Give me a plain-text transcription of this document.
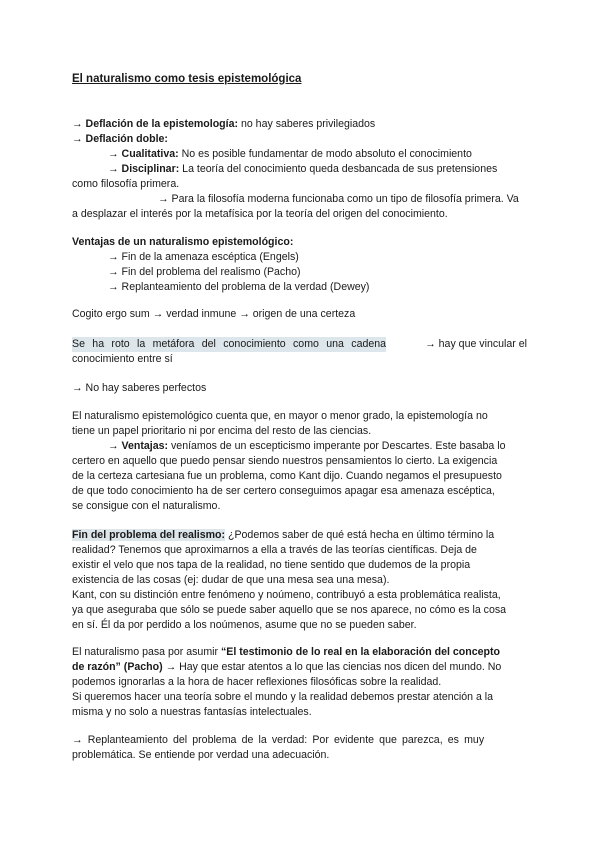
El naturalismo como tesis epistemológica
→ Deflación de la epistemología: no hay saberes privilegiados
→ Deflación doble:
→ Cualitativa: No es posible fundamentar de modo absoluto el conocimiento
→ Disciplinar: La teoría del conocimiento queda desbancada de sus pretensiones
como filosofía primera.
→ Para la filosofía moderna funcionaba como un tipo de filosofía primera. Va
a desplazar el interés por la metafísica por la teoría del origen del conocimiento.
Ventajas de un naturalismo epistemológico:
→ Fin de la amenaza escéptica (Engels)
→ Fin del problema del realismo (Pacho)
→ Replanteamiento del problema de la verdad (Dewey)
Cogito ergo sum → verdad inmune → origen de una certeza
Se ha roto la metáfora del conocimiento como una cadena	→ hay que vincular el
conocimiento entre sí
→ No hay saberes perfectos
El naturalismo epistemológico cuenta que, en mayor o menor grado, la epistemología no
tiene un papel prioritario ni por encima del resto de las ciencias.
→ Ventajas: veníamos de un escepticismo imperante por Descartes. Este basaba lo
certero en aquello que puedo pensar siendo nuestros pensamientos lo cierto. La exigencia
de la certeza cartesiana fue un problema, como Kant dijo. Cuando negamos el presupuesto
de que todo conocimiento ha de ser certero conseguimos apagar esa amenaza escéptica,
se consigue con el naturalismo.
Fin del problema del realismo: ¿Podemos saber de qué está hecha en último término la
realidad? Tenemos que aproximarnos a ella a través de las teorías científicas. Deja de
existir el velo que nos tapa de la realidad, no tiene sentido que dudemos de la propia
existencia de las cosas (ej: dudar de que una mesa sea una mesa).
Kant, con su distinción entre fenómeno y noúmeno, contribuyó a esta problemática realista,
ya que aseguraba que sólo se puede saber aquello que se nos aparece, no cómo es la cosa
en sí. Él da por perdido a los noúmenos, asume que no se pueden saber.
El naturalismo pasa por asumir “El testimonio de lo real en la elaboración del concepto
de razón” (Pacho) → Hay que estar atentos a lo que las ciencias nos dicen del mundo. No
podemos ignorarlas a la hora de hacer reflexiones filosóficas sobre la realidad.
Si queremos hacer una teoría sobre el mundo y la realidad debemos prestar atención a la
misma y no solo a nuestras fantasías intelectuales.
→ Replanteamiento del problema de la verdad: Por evidente que parezca, es muy
problemática. Se entiende por verdad una adecuación.
